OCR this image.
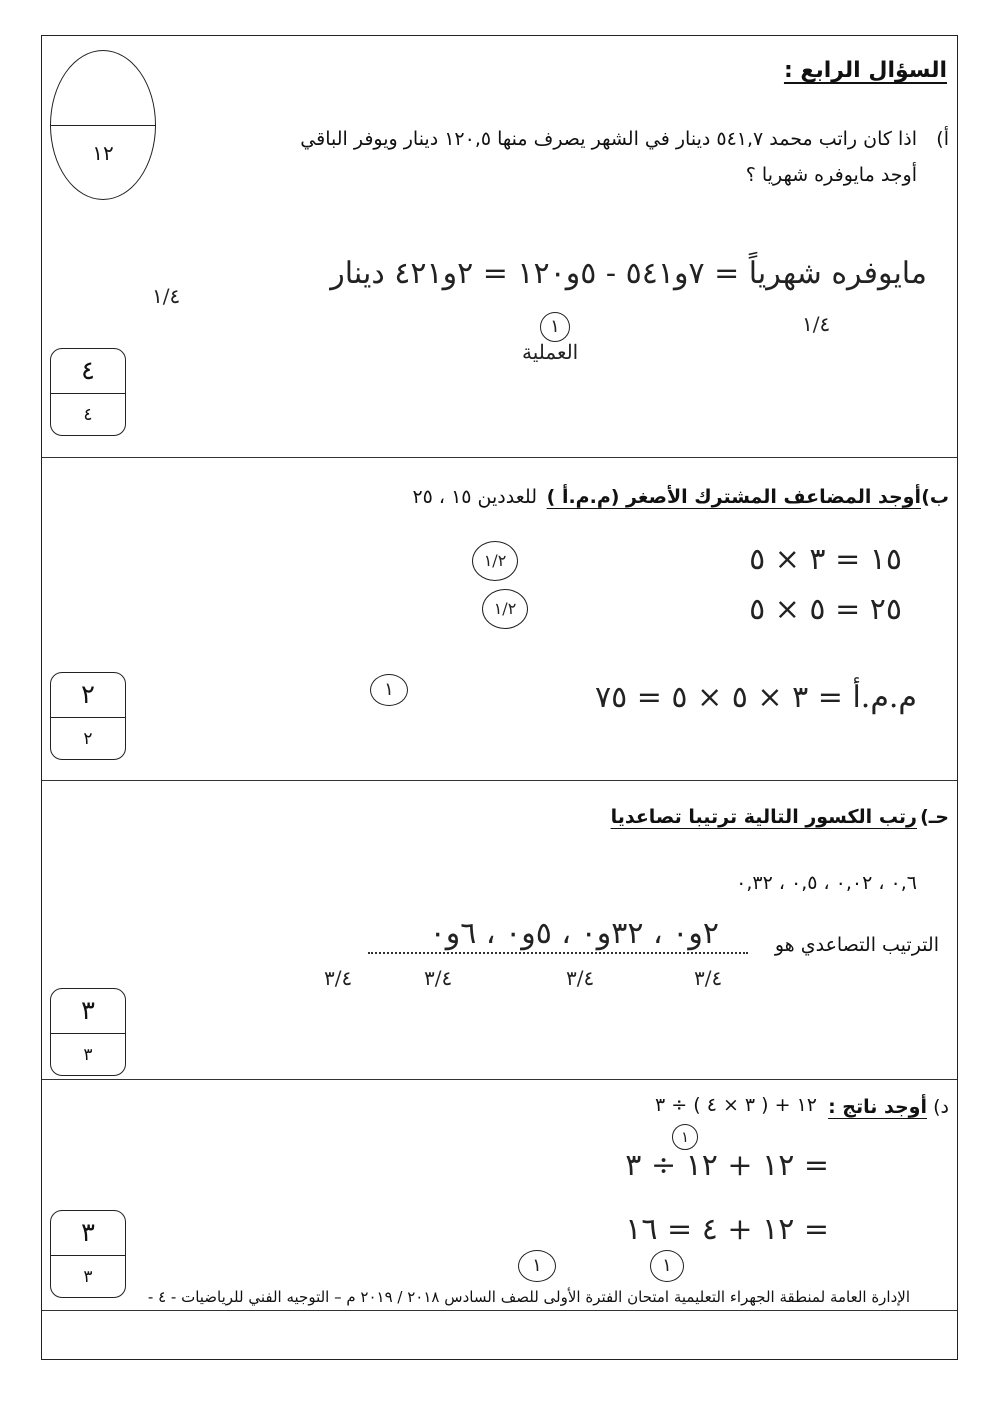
السؤال الرابع :
١٢
أ)
اذا كان راتب محمد ٥٤١,٧ دينار في الشهر يصرف منها ١٢٠,٥ دينار ويوفر الباقي
أوجد مايوفره شهريا ؟
مايوفره شهرياً = ٧و٥٤١ - ٥و١٢٠ = ٢و٤٢١ دينار
١/٤
١/٤
١
العملية
٤
٤
ب)
أوجد المضاعف المشترك الأصغر (م.م.أ )
للعددين ١٥ ، ٢٥
١٥ = ٣ × ٥
٢٥ = ٥ × ٥
م.م.أ = ٣ × ٥ × ٥ = ٧٥
١/٢
١/٢
١
٢
٢
حـ)
رتب الكسور التالية ترتيبا تصاعديا
٠,٦ ، ٠,٠٢ ، ٠,٥ ، ٠,٣٢
الترتيب التصاعدي هو
٢و٠ ، ٣٢و٠ ، ٥و٠ ، ٦و٠
٣/٤	٣/٤	٣/٤	٣/٤
٣
٣
د)
أوجد ناتج :
١٢ + ( ٣ × ٤ ) ÷ ٣
١
= ١٢ + ١٢ ÷ ٣
= ١٢ + ٤ = ١٦
١	١
٣
٣
الإدارة العامة لمنطقة الجهراء التعليمية امتحان الفترة الأولى للصف السادس ٢٠١٨ / ٢٠١٩ م – التوجيه الفني للرياضيات - ٤ -
